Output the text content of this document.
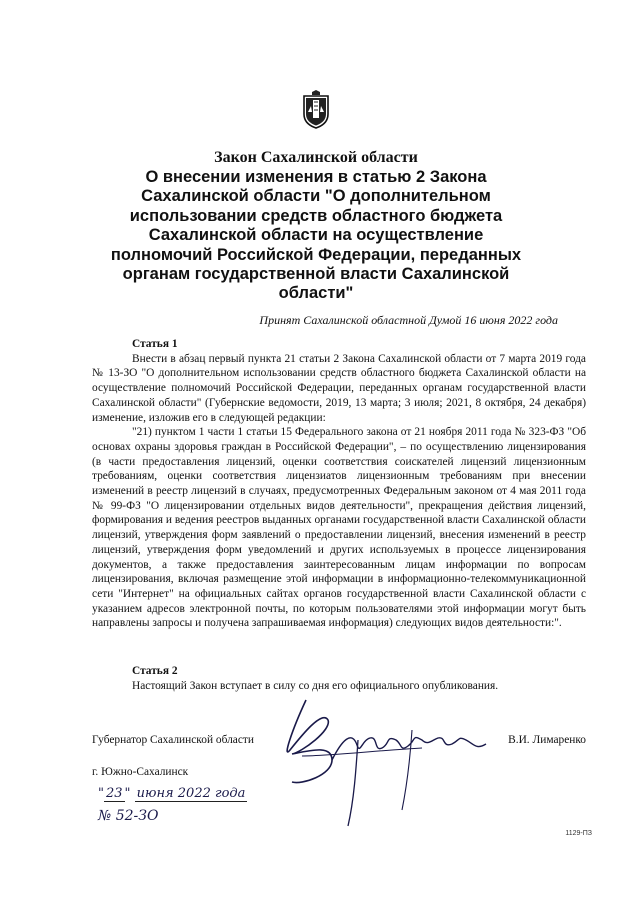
Закон Сахалинской области
О внесении изменения в статью 2 Закона
Сахалинской области "О дополнительном
использовании средств областного бюджета
Сахалинской области на осуществление
полномочий Российской Федерации, переданных
органам государственной власти Сахалинской
области"
Принят Сахалинской областной Думой 16 июня 2022 года

Статья 1

Внести в абзац первый пункта 21 статьи 2 Закона Сахалинской области от 7 марта 2019 года № 13-ЗО "О дополнительном использовании средств областного бюджета Сахалинской области на осуществление полномочий Российской Федерации, переданных органам государственной власти Сахалинской области" (Губернские ведомости, 2019, 13 марта; 3 июля; 2021, 8 октября, 24 декабря) изменение, изложив его в следующей редакции:

"21) пунктом 1 части 1 статьи 15 Федерального закона от 21 ноября 2011 года № 323-ФЗ "Об основах охраны здоровья граждан в Российской Федерации", – по осуществлению лицензирования (в части предоставления лицензий, оценки соответствия соискателей лицензий лицензионным требованиям, оценки соответствия лицензиатов лицензионным требованиям при внесении изменений в реестр лицензий в случаях, предусмотренных Федеральным законом от 4 мая 2011 года № 99-ФЗ "О лицензировании отдельных видов деятельности", прекращения действия лицензий, формирования и ведения реестров выданных органами государственной власти Сахалинской области лицензий, утверждения форм заявлений о предоставлении лицензий, внесения изменений в реестр лицензий, утверждения форм уведомлений и других используемых в процессе лицензирования документов, а также предоставления заинтересованным лицам информации по вопросам лицензирования, включая размещение этой информации в информационно-телекоммуникационной сети "Интернет" на официальных сайтах органов государственной власти Сахалинской области с указанием адресов электронной почты, по которым пользователями этой информации могут быть направлены запросы и получена запрашиваемая информация) следующих видов деятельности:".

Статья 2

Настоящий Закон вступает в силу со дня его официального опубликования.

Губернатор Сахалинской области	В.И. Лимаренко
г. Южно-Сахалинск
" 23 " июня 2022 года
№ 52-ЗО
1129-ПЗ
